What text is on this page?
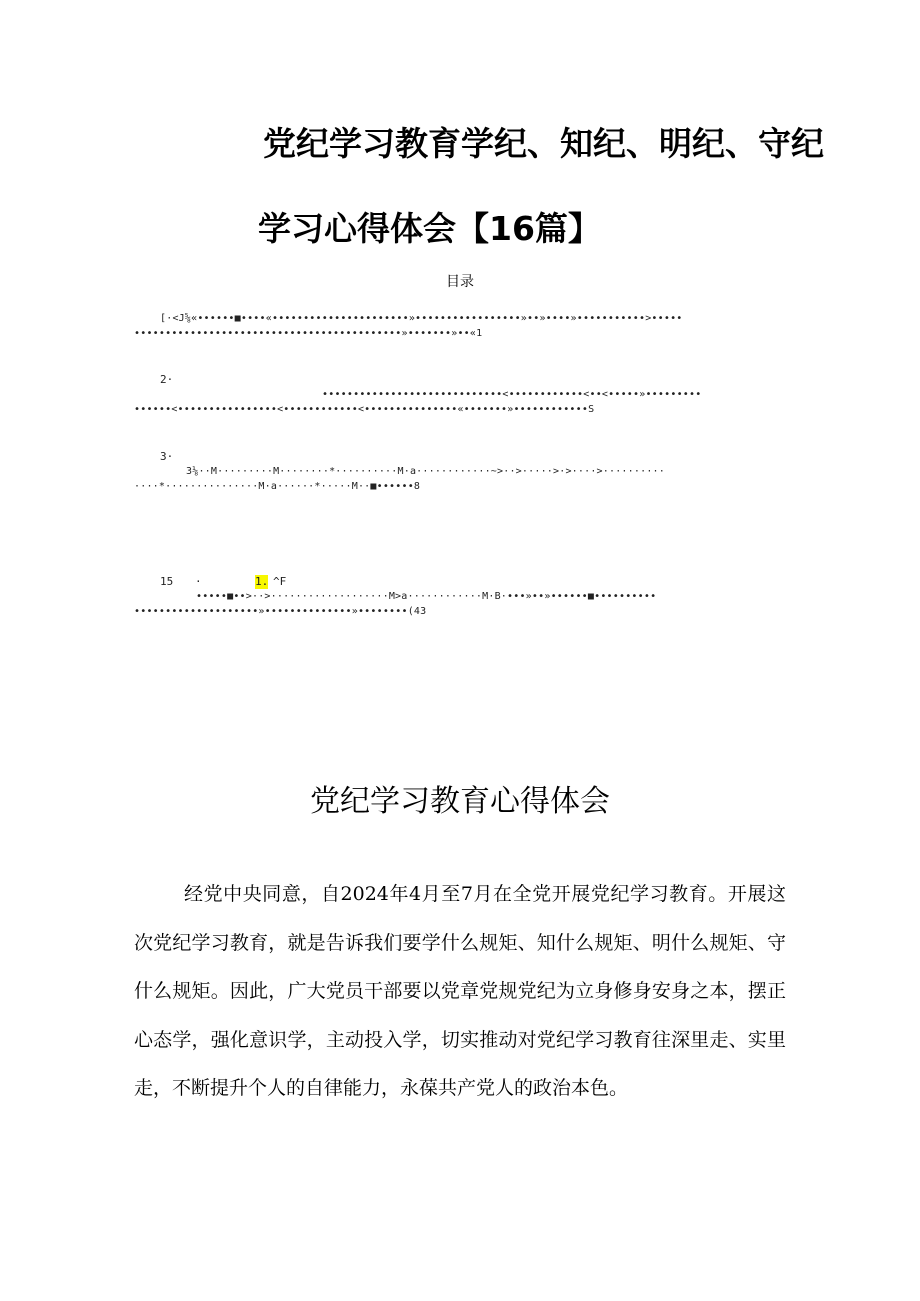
党纪学习教育学纪、知纪、明纪、守纪
学习心得体会【16篇】
目录
[·<J⅝«••••••■••••«••••••••••••••••••••••»•••••••••••••••••»••»••••»•••••••••••>•••••
•••••••••••••••••••••••••••••••••••••••••••»•••••••»••«1
2·
•••••••••••••••••••••••••••••<••••••••••••<••<•••••»•••••••••
••••••<••••••••••••••••<••••••••••••<•••••••••••••••«•••••••»••••••••••••S
3·
3⅛··M·········M········*··········M·a············~>··>·····>·>····>··········
····*···············M·a······*·····M··■••••••8
15 ·	1. ^F
•••••■••>··>···················M>a············M·B·•••»••»••••••■••••••••••
••••••••••••••••••••»••••••••••••••»••••••••(43
党纪学习教育心得体会

经党中央同意，自2024年4月至7月在全党开展党纪学习教育。开展这次党纪学习教育，就是告诉我们要学什么规矩、知什么规矩、明什么规矩、守什么规矩。因此，广大党员干部要以党章党规党纪为立身修身安身之本，摆正心态学，强化意识学，主动投入学，切实推动对党纪学习教育往深里走、实里走，不断提升个人的自律能力，永葆共产党人的政治本色。
